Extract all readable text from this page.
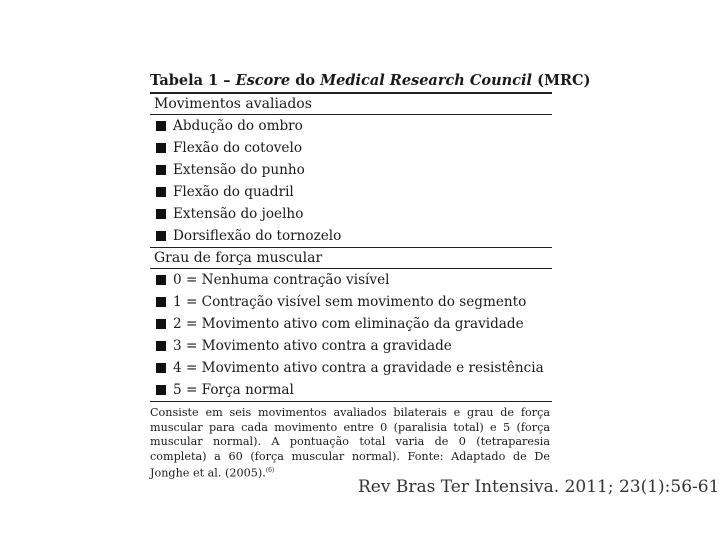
Tabela 1 – Escore do Medical Research Council (MRC)
Movimentos avaliados
Abdução do ombro
Flexão do cotovelo
Extensão do punho
Flexão do quadril
Extensão do joelho
Dorsiflexão do tornozelo
Grau de força muscular
0 = Nenhuma contração visível
1 = Contração visível sem movimento do segmento
2 = Movimento ativo com eliminação da gravidade
3 = Movimento ativo contra a gravidade
4 = Movimento ativo contra a gravidade e resistência
5 = Força normal
Consiste em seis movimentos avaliados bilaterais e grau de força muscular para cada movimento entre 0 (paralisia total) e 5 (força muscular normal). A pontuação total varia de 0 (tetraparesia completa) a 60 (força muscular normal). Fonte: Adaptado de De Jonghe et al. (2005).$^{(6)}$
Rev Bras Ter Intensiva. 2011; 23(1):56-61
